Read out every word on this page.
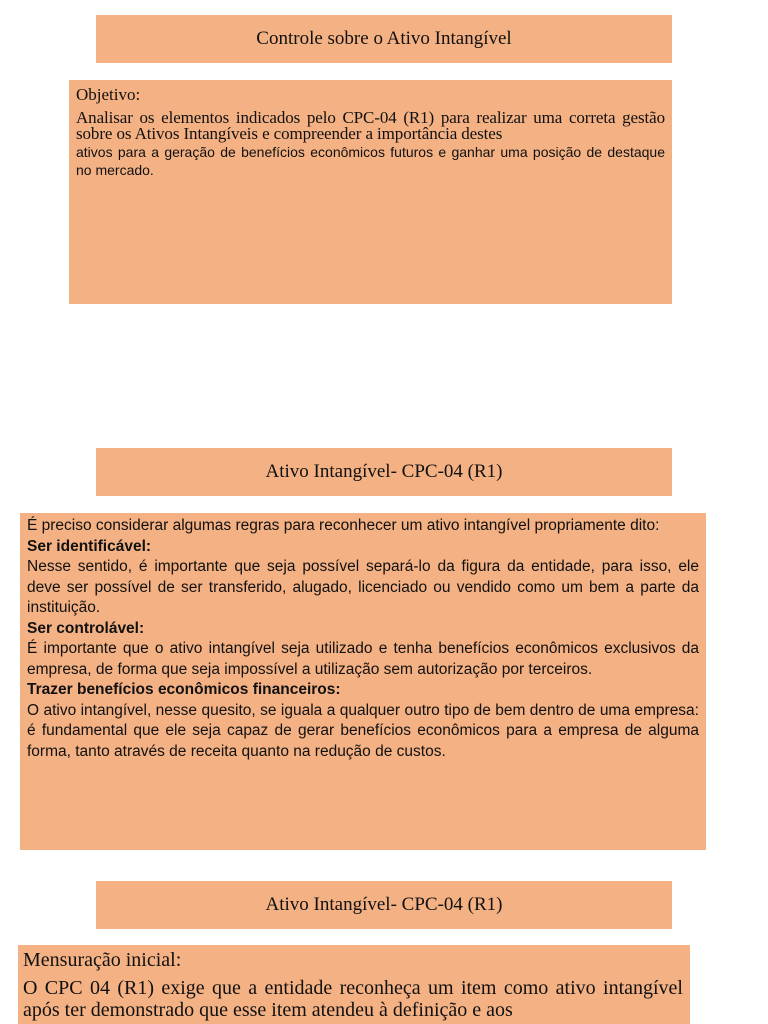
Controle sobre o Ativo Intangível

Objetivo:

Analisar os elementos indicados pelo CPC-04 (R1) para realizar uma correta gestão sobre os Ativos Intangíveis e compreender a importância destes

ativos para a geração de benefícios econômicos futuros e ganhar uma posição de destaque no mercado.

Ativo Intangível- CPC-04 (R1)

É preciso considerar algumas regras para reconhecer um ativo intangível propriamente dito:

Ser identificável:

Nesse sentido, é importante que seja possível separá-lo da figura da entidade, para isso, ele deve ser possível de ser transferido, alugado, licenciado ou vendido como um bem a parte da instituição.

Ser controlável:

É importante que o ativo intangível seja utilizado e tenha benefícios econômicos exclusivos da empresa, de forma que seja impossível a utilização sem autorização por terceiros.

Trazer benefícios econômicos financeiros:

O ativo intangível, nesse quesito, se iguala a qualquer outro tipo de bem dentro de uma empresa: é fundamental que ele seja capaz de gerar benefícios econômicos para a empresa de alguma forma, tanto através de receita quanto na redução de custos.

Ativo Intangível- CPC-04 (R1)

Mensuração inicial:

O CPC 04 (R1) exige que a entidade reconheça um item como ativo intangível após ter demonstrado que esse item atendeu à definição e aos
